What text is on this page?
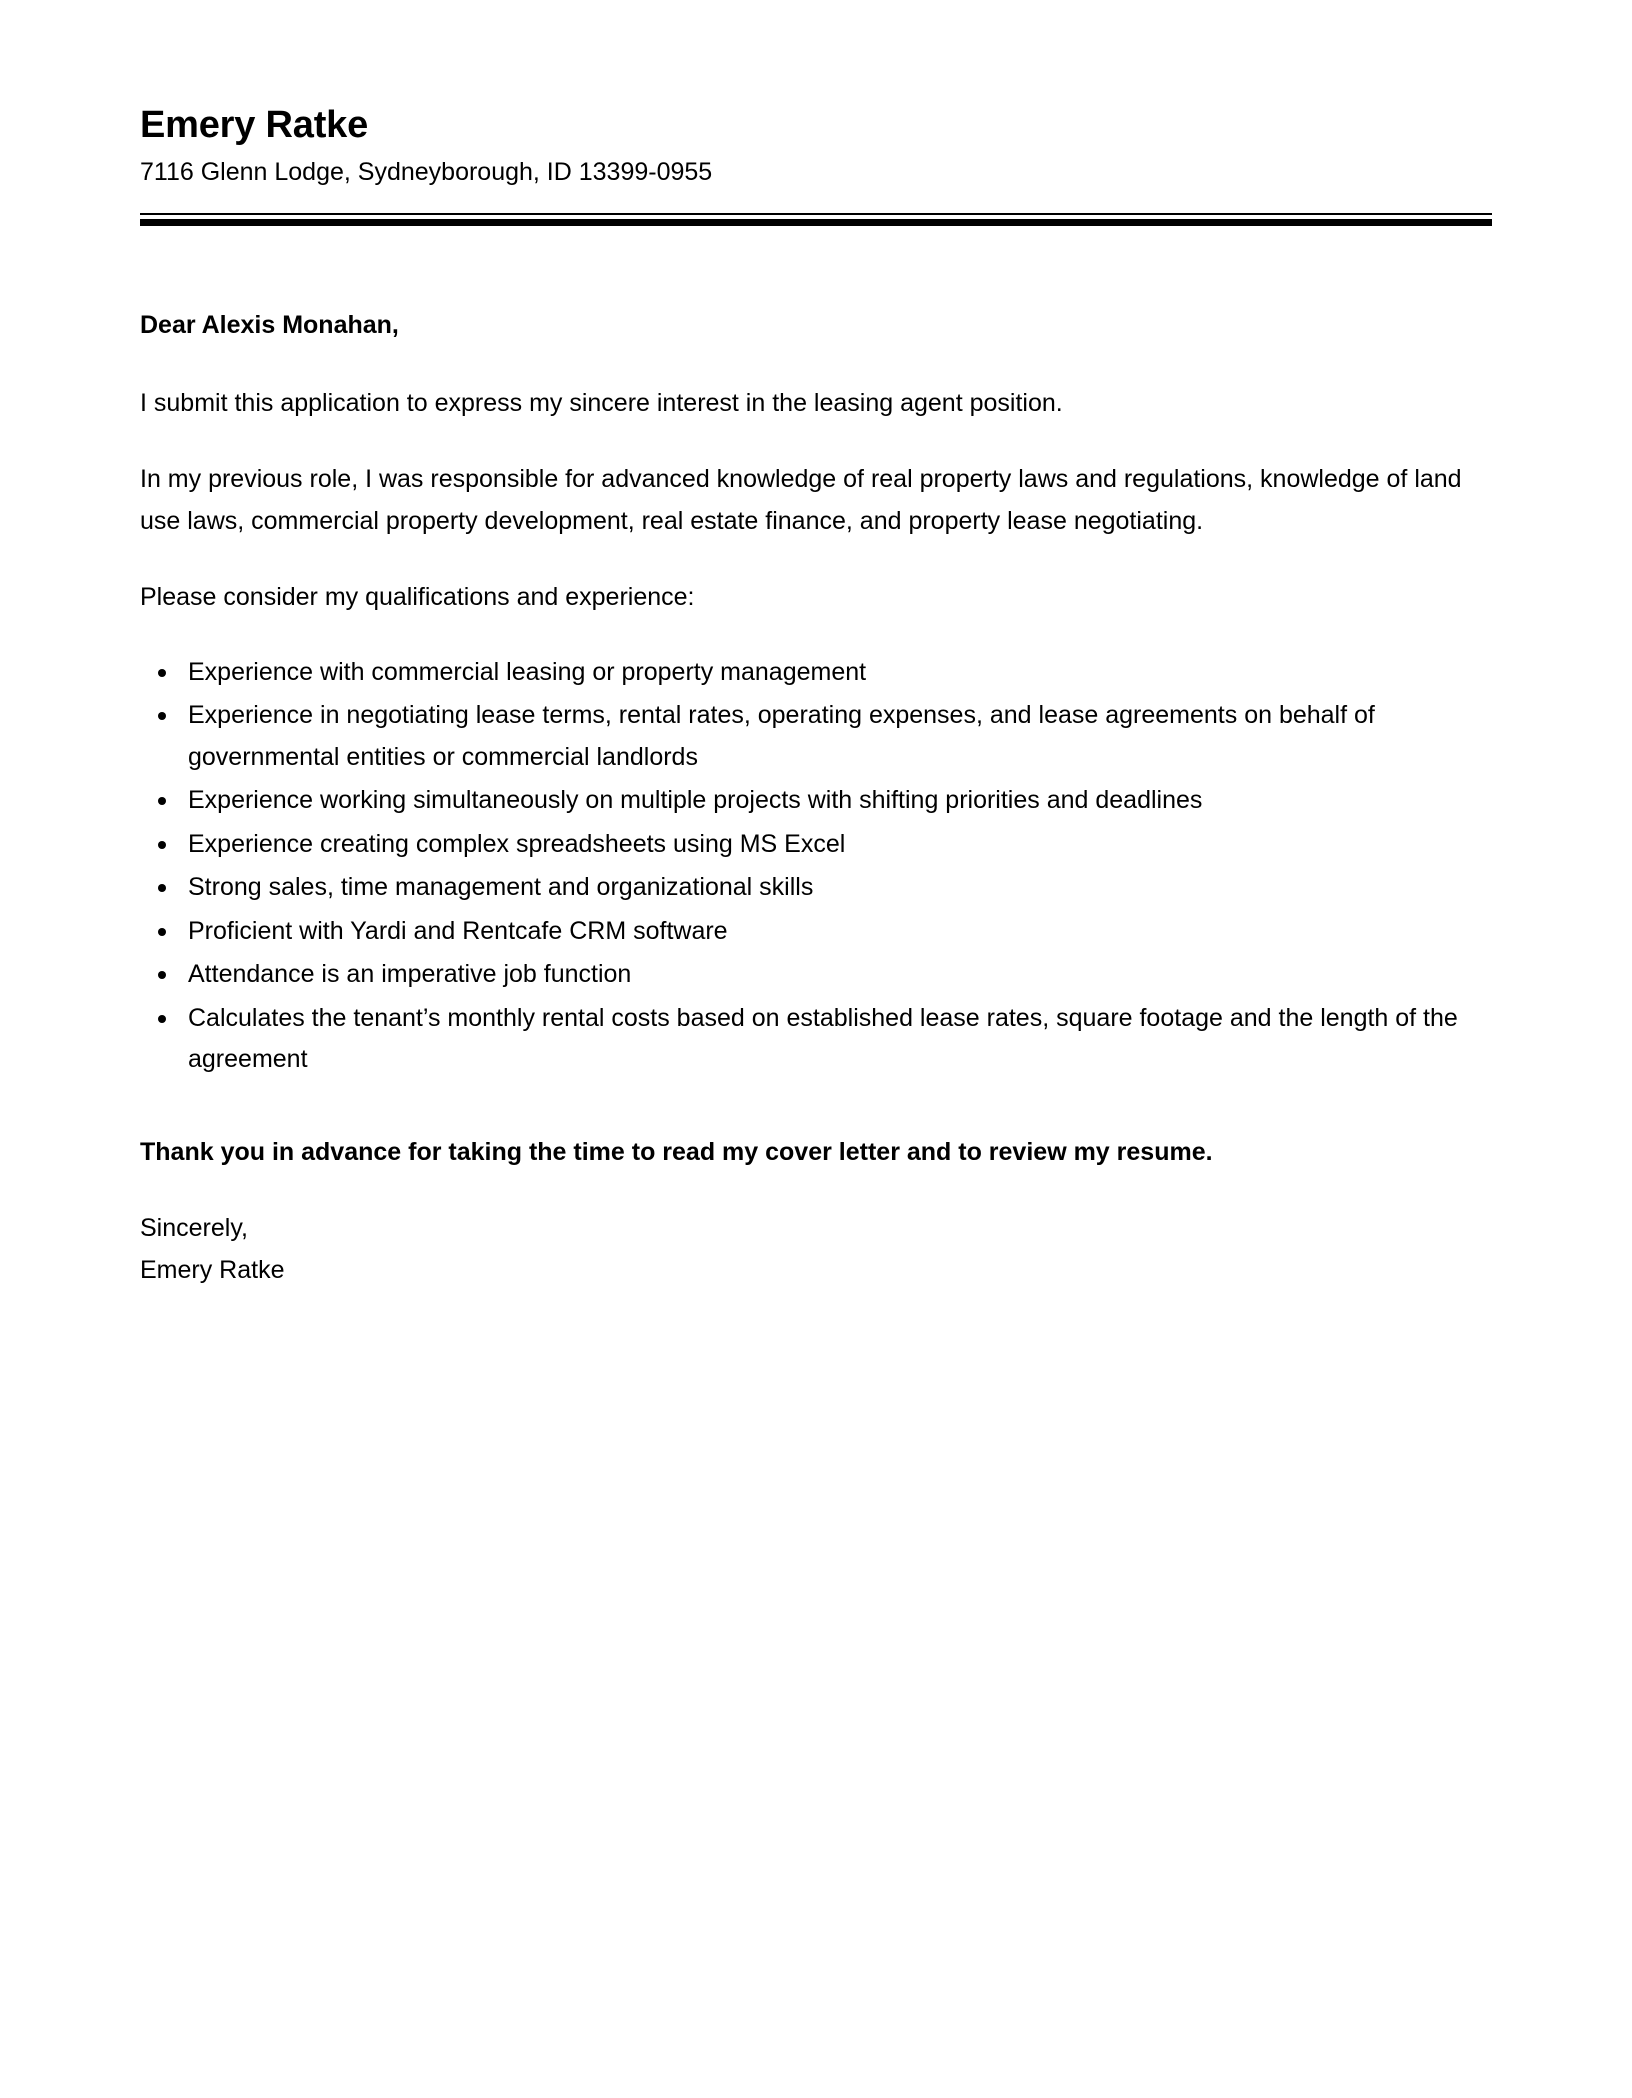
Emery Ratke

7116 Glenn Lodge, Sydneyborough, ID 13399-0955

Dear Alexis Monahan,

I submit this application to express my sincere interest in the leasing agent position.

In my previous role, I was responsible for advanced knowledge of real property laws and regulations, knowledge of land use laws, commercial property development, real estate finance, and property lease negotiating.

Please consider my qualifications and experience:

Experience with commercial leasing or property management
Experience in negotiating lease terms, rental rates, operating expenses, and lease agreements on behalf of governmental entities or commercial landlords
Experience working simultaneously on multiple projects with shifting priorities and deadlines
Experience creating complex spreadsheets using MS Excel
Strong sales, time management and organizational skills
Proficient with Yardi and Rentcafe CRM software
Attendance is an imperative job function
Calculates the tenant’s monthly rental costs based on established lease rates, square footage and the length of the agreement

Thank you in advance for taking the time to read my cover letter and to review my resume.

Sincerely,

Emery Ratke
